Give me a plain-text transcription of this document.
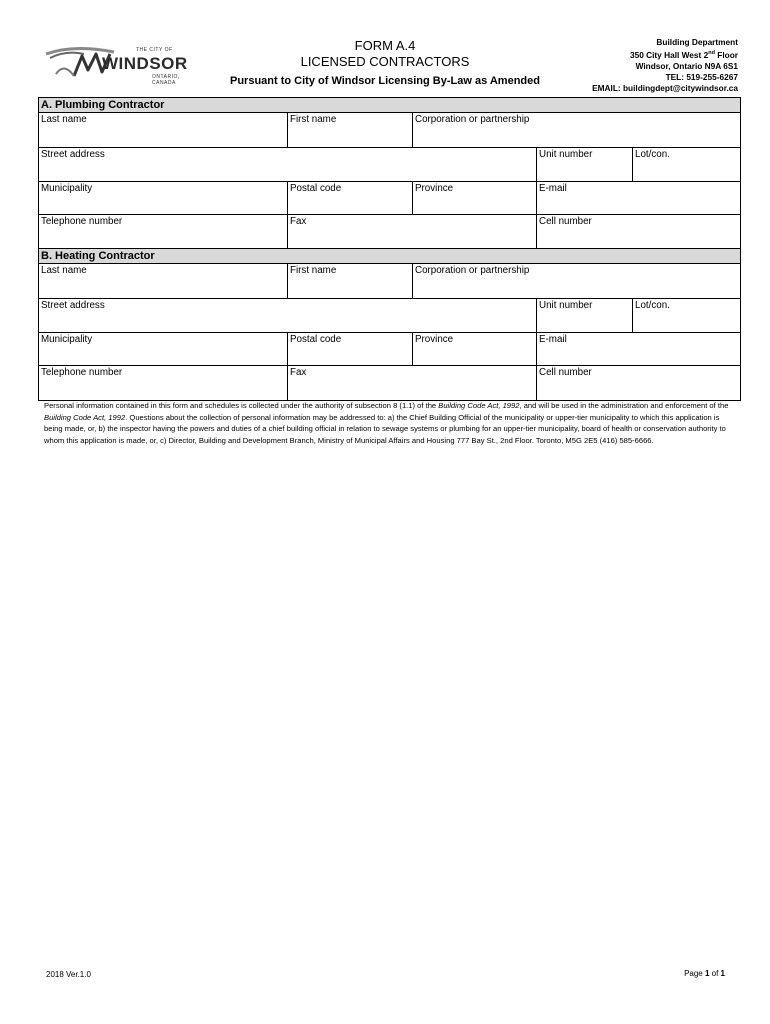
THE CITY OF
WINDSOR
ONTARIO, CANADA
FORM A.4
LICENSED CONTRACTORS
Pursuant to City of Windsor Licensing By-Law as Amended
Building Department
350 City Hall West 2nd Floor
Windsor, Ontario N9A 6S1
TEL: 519-255-6267
EMAIL: buildingdept@citywindsor.ca
A. Plumbing Contractor
Last name	First name	Corporation or partnership
Street address	Unit number	Lot/con.
Municipality	Postal code	Province	E-mail
Telephone number	Fax	Cell number
B. Heating Contractor
Last name	First name	Corporation or partnership
Street address	Unit number	Lot/con.
Municipality	Postal code	Province	E-mail
Telephone number	Fax	Cell number
Personal information contained in this form and schedules is collected under the authority of subsection 8 (1.1) of the Building Code Act, 1992, and will be used in the administration and enforcement of the Building Code Act, 1992. Questions about the collection of personal information may be addressed to: a) the Chief Building Official of the municipality or upper-tier municipality to which this application is being made, or, b) the inspector having the powers and duties of a chief building official in relation to sewage systems or plumbing for an upper-tier municipality, board of health or conservation authority to whom this application is made, or, c) Director, Building and Development Branch, Ministry of Municipal Affairs and Housing 777 Bay St., 2nd Floor. Toronto, M5G 2E5 (416) 585-6666.
2018 Ver.1.0	Page 1 of 1
